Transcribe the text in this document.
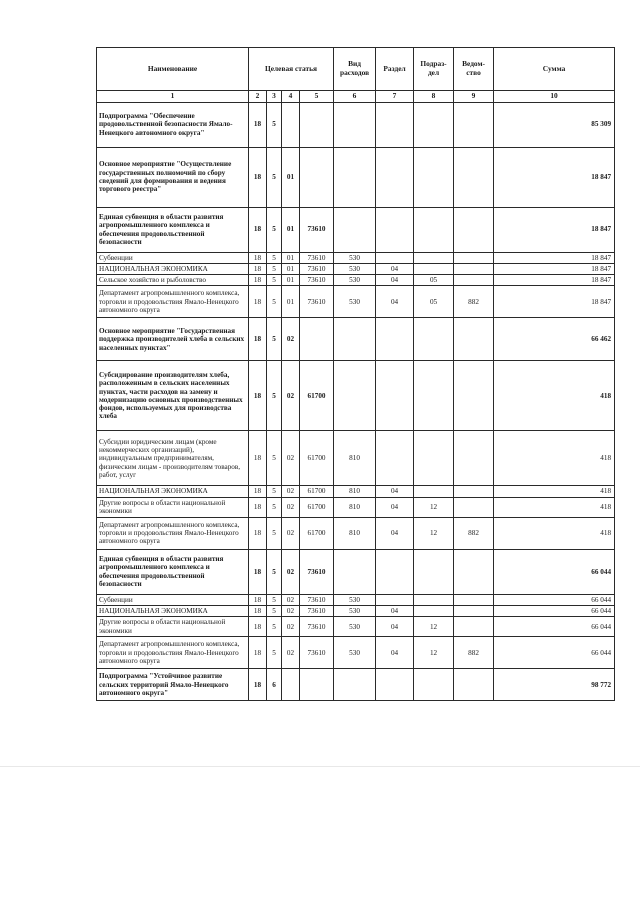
Наименование	Целевая статья				Вид расходов	Раздел	Подраз-дел	Ведом-ство	Сумма
1	2	3	4	5	6	7	8	9	10
Подпрограмма "Обеспечение продовольственной безопасности Ямало-Ненецкого автономного округа"	18	5							85 309
Основное мероприятие "Осуществление государственных полномочий по сбору сведений для формирования и ведения торгового реестра"	18	5	01						18 847
Единая субвенция в области развития агропромышленного комплекса и обеспечения продовольственной безопасности	18	5	01	73610					18 847
Субвенции	18	5	01	73610	530				18 847
НАЦИОНАЛЬНАЯ ЭКОНОМИКА	18	5	01	73610	530	04			18 847
Сельское хозяйство и рыболовство	18	5	01	73610	530	04	05		18 847
Департамент агропромышленного комплекса, торговли и продовольствия Ямало-Ненецкого автономного округа	18	5	01	73610	530	04	05	882	18 847
Основное мероприятие "Государственная поддержка производителей хлеба в сельских населенных пунктах"	18	5	02						66 462
Субсидирование производителям хлеба, расположенным в сельских населенных пунктах, части расходов на замену и модернизацию основных производственных фондов, используемых для производства хлеба	18	5	02	61700					418
Субсидии юридическим лицам (кроме некоммерческих организаций), индивидуальным предпринимателям, физическим лицам - производителям товаров, работ, услуг	18	5	02	61700	810				418
НАЦИОНАЛЬНАЯ ЭКОНОМИКА	18	5	02	61700	810	04			418
Другие вопросы в области национальной экономики	18	5	02	61700	810	04	12		418
Департамент агропромышленного комплекса, торговли и продовольствия Ямало-Ненецкого автономного округа	18	5	02	61700	810	04	12	882	418
Единая субвенция в области развития агропромышленного комплекса и обеспечения продовольственной безопасности	18	5	02	73610					66 044
Субвенции	18	5	02	73610	530				66 044
НАЦИОНАЛЬНАЯ ЭКОНОМИКА	18	5	02	73610	530	04			66 044
Другие вопросы в области национальной экономики	18	5	02	73610	530	04	12		66 044
Департамент агропромышленного комплекса, торговли и продовольствия Ямало-Ненецкого автономного округа	18	5	02	73610	530	04	12	882	66 044
Подпрограмма "Устойчивое развитие сельских территорий Ямало-Ненецкого автономного округа"	18	6							98 772
